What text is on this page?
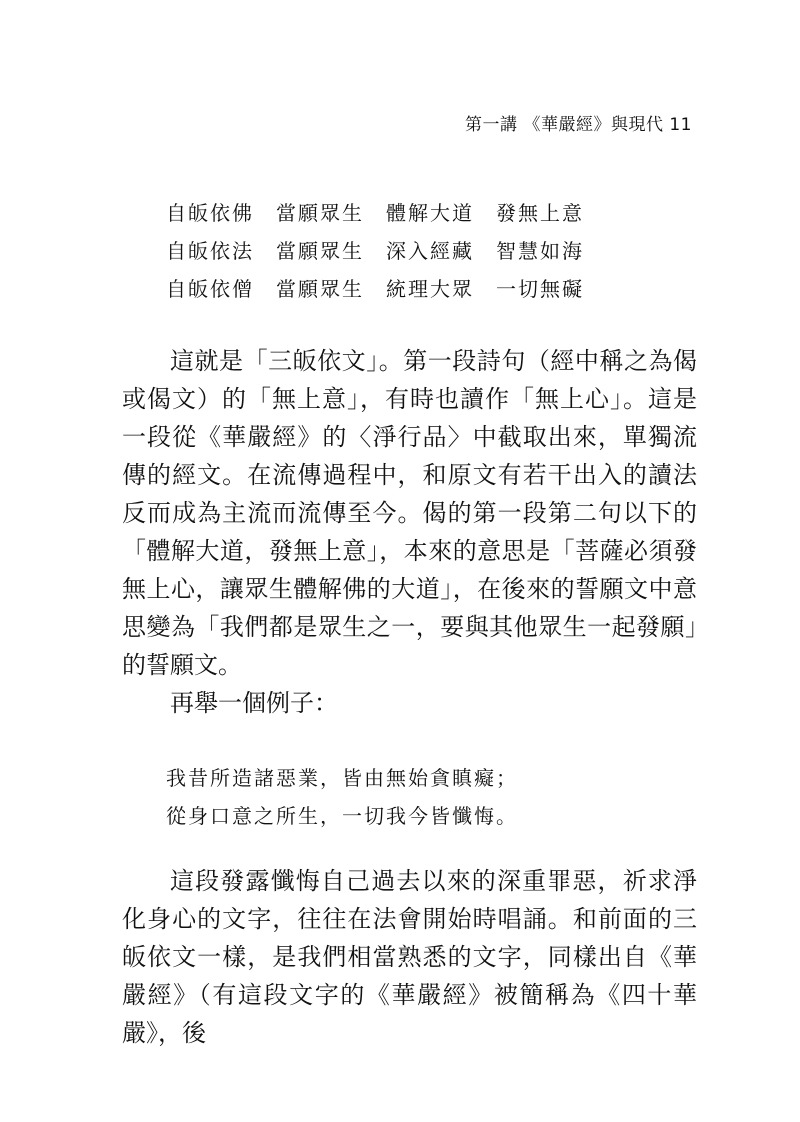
第一講 《華嚴經》與現代 11
自皈依佛　當願眾生　體解大道　發無上意
自皈依法　當願眾生　深入經藏　智慧如海
自皈依僧　當願眾生　統理大眾　一切無礙

這就是「三皈依文」。第一段詩句（經中稱之為偈或偈文）的「無上意」，有時也讀作「無上心」。這是一段從《華嚴經》的〈淨行品〉中截取出來，單獨流傳的經文。在流傳過程中，和原文有若干出入的讀法反而成為主流而流傳至今。偈的第一段第二句以下的「體解大道，發無上意」，本來的意思是「菩薩必須發無上心，讓眾生體解佛的大道」，在後來的誓願文中意思變為「我們都是眾生之一，要與其他眾生一起發願」的誓願文。

再舉一個例子：

我昔所造諸惡業，皆由無始貪瞋癡；
從身口意之所生，一切我今皆懺悔。

這段發露懺悔自己過去以來的深重罪惡，祈求淨化身心的文字，往往在法會開始時唱誦。和前面的三皈依文一樣，是我們相當熟悉的文字，同樣出自《華嚴經》（有這段文字的《華嚴經》被簡稱為《四十華嚴》，後
